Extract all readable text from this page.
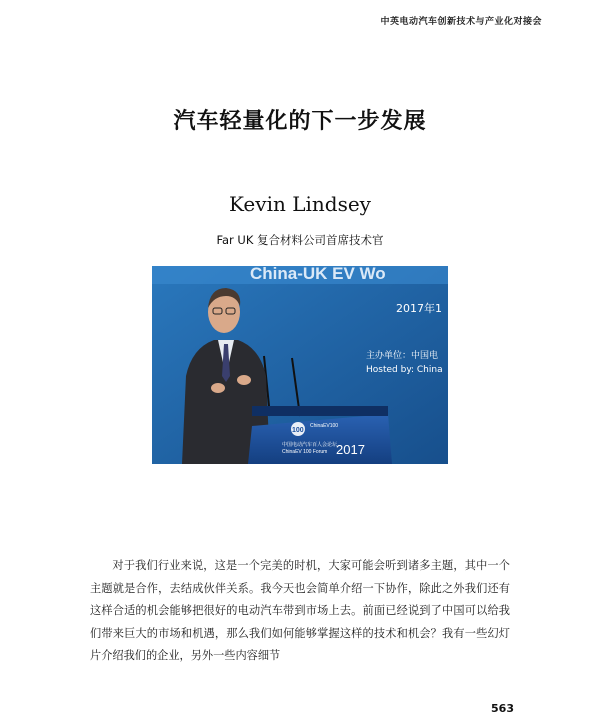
中英电动汽车创新技术与产业化对接会
汽车轻量化的下一步发展
Kevin Lindsey
Far UK 复合材料公司首席技术官
China-UK EV Wo
2017年1
主办单位：中国电
Hosted by: China
100
ChinaEV100
中国电动汽车百人会论坛
ChinaEV 100 Forum 2017

对于我们行业来说，这是一个完美的时机，大家可能会听到诸多主题，其中一个主题就是合作，去结成伙伴关系。我今天也会简单介绍一下协作，除此之外我们还有这样合适的机会能够把很好的电动汽车带到市场上去。前面已经说到了中国可以给我们带来巨大的市场和机遇，那么我们如何能够掌握这样的技术和机会？我有一些幻灯片介绍我们的企业，另外一些内容细节

563
